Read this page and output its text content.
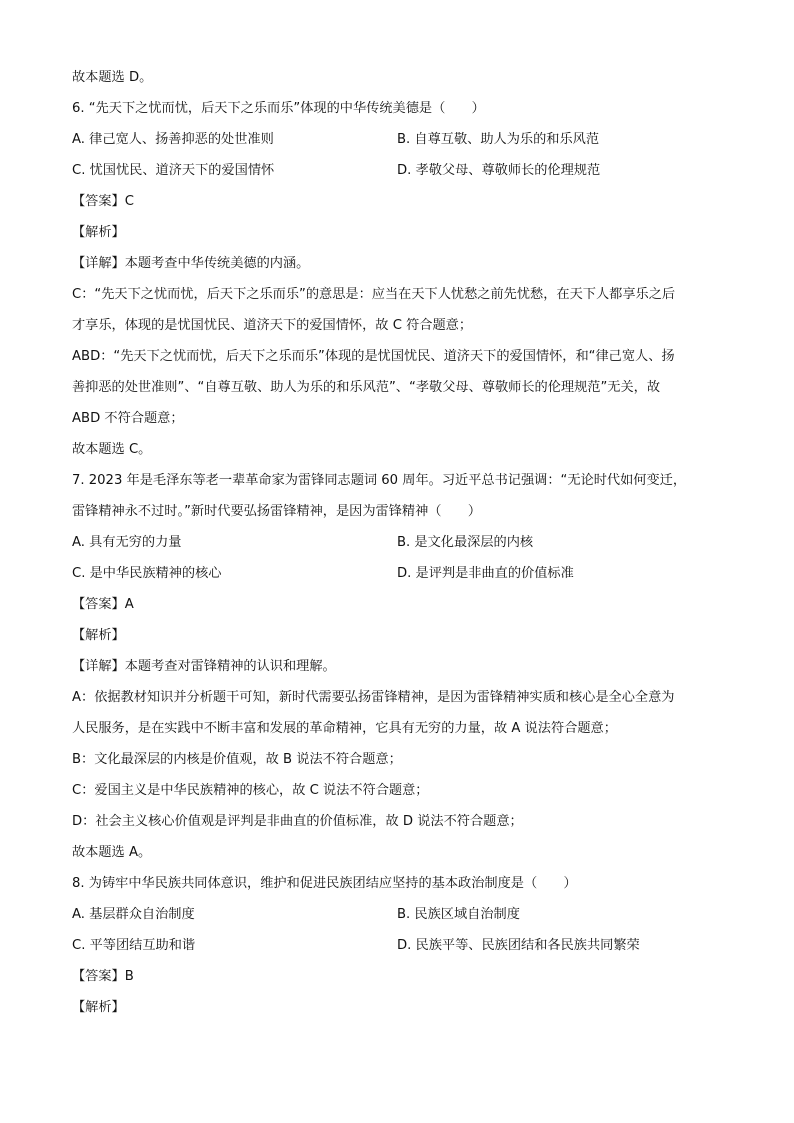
故本题选 D。
6. “先天下之忧而忧，后天下之乐而乐”体现的中华传统美德是（　　）
A. 律己宽人、扬善抑恶的处世准则	B. 自尊互敬、助人为乐的和乐风范
C. 忧国忧民、道济天下的爱国情怀	D. 孝敬父母、尊敬师长的伦理规范
【答案】C
【解析】
【详解】本题考查中华传统美德的内涵。
C：“先天下之忧而忧，后天下之乐而乐”的意思是：应当在天下人忧愁之前先忧愁，在天下人都享乐之后
才享乐，体现的是忧国忧民、道济天下的爱国情怀，故 C 符合题意；
ABD：“先天下之忧而忧，后天下之乐而乐”体现的是忧国忧民、道济天下的爱国情怀，和“律己宽人、扬
善抑恶的处世准则”、“自尊互敬、助人为乐的和乐风范”、“孝敬父母、尊敬师长的伦理规范”无关，故
ABD 不符合题意；
故本题选 C。
7. 2023 年是毛泽东等老一辈革命家为雷锋同志题词 60 周年。习近平总书记强调：“无论时代如何变迁，
雷锋精神永不过时。”新时代要弘扬雷锋精神，是因为雷锋精神（　　）
A. 具有无穷的力量	B. 是文化最深层的内核
C. 是中华民族精神的核心	D. 是评判是非曲直的价值标准
【答案】A
【解析】
【详解】本题考查对雷锋精神的认识和理解。
A：依据教材知识并分析题干可知，新时代需要弘扬雷锋精神，是因为雷锋精神实质和核心是全心全意为
人民服务，是在实践中不断丰富和发展的革命精神，它具有无穷的力量，故 A 说法符合题意；
B：文化最深层的内核是价值观，故 B 说法不符合题意；
C：爱国主义是中华民族精神的核心，故 C 说法不符合题意；
D：社会主义核心价值观是评判是非曲直的价值标准，故 D 说法不符合题意；
故本题选 A。
8. 为铸牢中华民族共同体意识，维护和促进民族团结应坚持的基本政治制度是（　　）
A. 基层群众自治制度	B. 民族区域自治制度
C. 平等团结互助和谐	D. 民族平等、民族团结和各民族共同繁荣
【答案】B
【解析】
